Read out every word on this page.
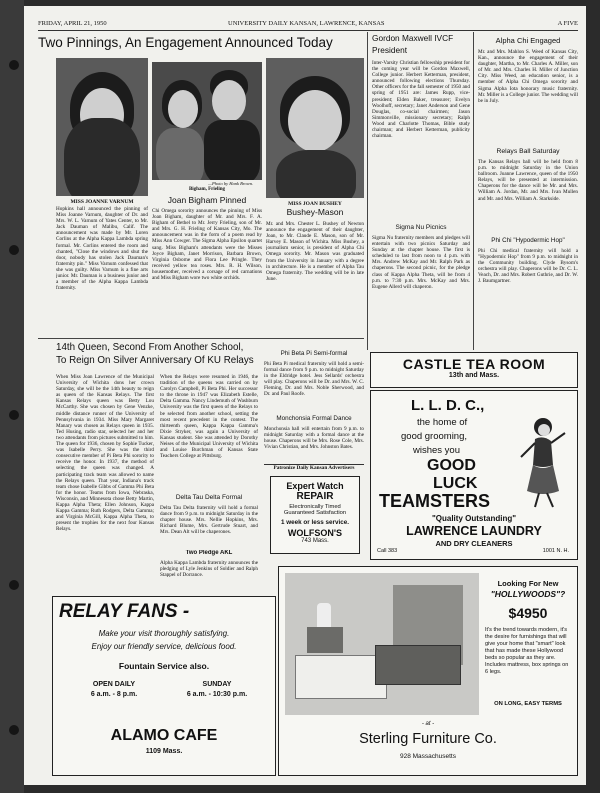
FRIDAY, APRIL 21, 1950	UNIVERSITY DAILY KANSAN, LAWRENCE, KANSAS	A FIVE
Two Pinnings, An Engagement Announced Today
MISS JOANNE VARNUM
—Photo by Hank Brown.
Bigham, Frieling
MISS JOAN BUSHEY

Hopkins hall announced the pinning of Miss Joanne Varnum, daughter of Dr. and Mrs. W. L. Varnum of Yates Center, to Mr. Jack Dauman of Malibu, Calif. The announcement was made by Mr. Loren Corlins at the Alpha Kappa Lambda spring formal. Mr. Corlins entered the room and chanted, "Close the windows and shut the door, nobody has stolen Jack Dauman's fraternity pin." Miss Varnum confessed that she was guilty. Miss Varnum is a fine arts junior. Mr. Dauman is a business junior and a member of the Alpha Kappa Lambda fraternity.

Joan Bigham Pinned

Chi Omega sorority announces the pinning of Miss Joan Bigham, daughter of Mr. and Mrs. F. A. Bigham of Bethel to Mr. Jerry Frieling, son of Mr. and Mrs. G. H. Frieling of Kansas City, Mo. The announcement was in the form of a poem read by Miss Ann Cowger. The Sigma Alpha Epsilon quartet sang. Miss Bigham's attendants were the Misses Joyce Bigham, Janet Morrison, Barbara Brown, Virginia Osborne and Flora Lee Pringle. They received yellow tea roses. Mrs. R. H. Wilson, housemother, received a corsage of red carnations and Miss Bigham wore two white orchids.

Bushey-Mason

Mr. and Mrs. Chester L. Bushey of Newton announce the engagement of their daughter, Joan, to Mr. Claude E. Mason, son of Mr. Harvey E. Mason of Wichita. Miss Bushey, a journalism senior, is president of Alpha Chi Omega sorority. Mr. Mason was graduated from the University in January with a degree in architecture. He is a member of Alpha Tau Omega fraternity. The wedding will be in late June.

14th Queen, Second From Another School,
To Reign On Silver Anniversary Of KU Relays

When Miss Joan Lawrence of the Municipal University of Wichita dons her crown Saturday, she will be the 14th beauty to reign as queen of the Kansas Relays. The first Kansas Relays queen was Betty Lou McCarthy. She was chosen by Gene Venzke, middle distance runner of the University of Pennsylvania in 1934. Miss Mary Margaret Manary was chosen as Relays queen in 1935. Ted Husing, radio star, selected her and her two attendants from pictures submitted to him. The queen for 1936, chosen by Sophie Tucker, was Isabelle Perry. She was the third consecutive member of Pi Beta Phi sorority to receive the honor. In 1937, the method of selecting the queen was changed. A participating track team was allowed to name the Relays queen. That year, Indiana's track team chose Isabelle Gibbs of Gamma Phi Beta for the honor. Teams from Iowa, Nebraska, Wisconsin, and Minnesota chose Betty Martin, Kappa Alpha Theta; Ellen Johnson, Kappa Kappa Gamma; Ruth Rodgers, Delta Gamma; and Virginia McGill, Kappa Alpha Theta, to present the trophies for the next four Kansas Relays.

When the Relays were resumed in 1946, the tradition of the queens was carried on by Carolyn Campbell, Pi Beta Phi. Her successor to the throne in 1947 was Elizabeth Estelle, Delta Gamma. Nancy Lindemuth of Washburn University was the first queen of the Relays to be selected from another school, setting the most recent precedent in the contest. The thirteenth queen, Kappa Kappa Gamma's Dixie Stryker, was again a University of Kansas student. She was attended by Dorothy Neises of the Municipal University of Wichita and Louise Burchman of Kansas State Teachers College at Pittsburg.

Delta Tau Delta Formal

Delta Tau Delta fraternity will hold a formal dance from 9 p.m. to midnight Saturday in the chapter house. Mrs. Nellie Hopkins, Mrs. Richard Blume, Mrs. Gertrude Stuart, and Mrs. Dean Alt will be chaperones.

Two Pledge AKL

Alpha Kappa Lambda fraternity announces the pledging of Lyle Jenkins of Soldier and Ralph Stappel of Dorrance.

Phi Beta Pi Semi-formal

Phi Beta Pi medical fraternity will hold a semi-formal dance from 9 p.m. to midnight Saturday in the Eldridge hotel. Jess Sellards' orchestra will play. Chaperons will be Dr. and Mrs. W. C. Fleming, Dr. and Mrs. Noble Sherwood, and Dr. and Paul Roofe.

Monchonsia Formal Dance

Monchonsia hall will entertain from 9 p.m. to midnight Saturday with a formal dance at the house. Chaperons will be Mrs. Rose Cole, Mrs. Vivian Christian, and Mrs. Johnston Bates.

Patronize Daily Kansan Advertisers
Expert Watch
REPAIR
Electronically Timed
Guaranteed Satisfaction
1 week or less service.
WOLFSON'S
743 Mass.
Gordon Maxwell IVCF President

Inter-Varsity Christian fellowship president for the coming year will be Gordon Maxwell, College junior. Herbert Ketterman, president, announced following elections Thursday. Other officers for the fall semester of 1950 and spring of 1951 are: James Rupp, vice-president; Elden Baker, treasurer; Evelyn Woolhoff, secretary; Janet Anderson and Gene Douglas, co-social chairmen; Jason Simmonville, missionary secretary; Ralph Wood and Charlotte Thomas, Bible study chairman; and Herbert Ketterman, publicity chairman.

Sigma Nu Picnics

Sigma Nu fraternity members and pledges will entertain with two picnics Saturday and Sunday at the chapter house. The first is scheduled to last from noon to 4 p.m. with Mrs. Andrew McKay and Mr. Ralph Park as chaperons. The second picnic, for the pledge class of Kappa Alpha Theta, will be from 4 p.m. to 7:30 p.m. Mrs. McKay and Mrs. Eugene Allerd will chaperon.

Alpha Chi Engaged

Mr. and Mrs. Mahlon S. Weed of Kansas City, Kan., announce the engagement of their daughter, Martha, to Mr. Charles A. Miller, son of Mr. and Mrs. Charles H. Miller of Junction City. Miss Weed, an education senior, is a member of Alpha Chi Omega sorority and Sigma Alpha Iota honorary music fraternity. Mr. Miller is a College junior. The wedding will be in July.

Relays Ball Saturday

The Kansas Relays ball will be held from 8 p.m. to midnight Saturday in the Union ballroom. Joanne Lawrence, queen of the 1950 Relays, will be presented at intermission. Chaperons for the dance will be Mr. and Mrs. William A. Jordan, Mr. and Mrs. Ivan Mullen and Mr. and Mrs. William A. Starkside.

Phi Chi "Hypodermic Hop"

Phi Chi medical fraternity will hold a "Hypodermic Hop" from 9 p.m. to midnight in the Community building. Clyde Bysom's orchestra will play. Chaperons will be Dr. C. L. Veach, Dr. and Mrs. Robert Guthrie, and Dr. W. J. Baumgartner.

CASTLE TEA ROOM
13th and Mass.
L. L. D. C.,
the home of
good grooming,
wishes you
GOOD
LUCK
TEAMSTERS
"Quality Outstanding"
LAWRENCE LAUNDRY
AND DRY CLEANERS
Call 383	1001 N. H.
RELAY FANS -
Make your visit thoroughly satisfying.
Enjoy our friendly service, delicious food.
Fountain Service also.
OPEN DAILY
6 a.m. - 8 p.m.
SUNDAY
6 a.m. - 10:30 p.m.
ALAMO CAFE
1109 Mass.
Looking For New
"HOLLYWOODS"?
$4950
It's the trend towards modern, it's the desire for furnishings that will give your home that "smart" look that has made these Hollywood beds so popular as they are. Includes mattress, box springs on 6 legs.
ON LONG, EASY TERMS
- at -
Sterling Furniture Co.
928 Massachusetts
